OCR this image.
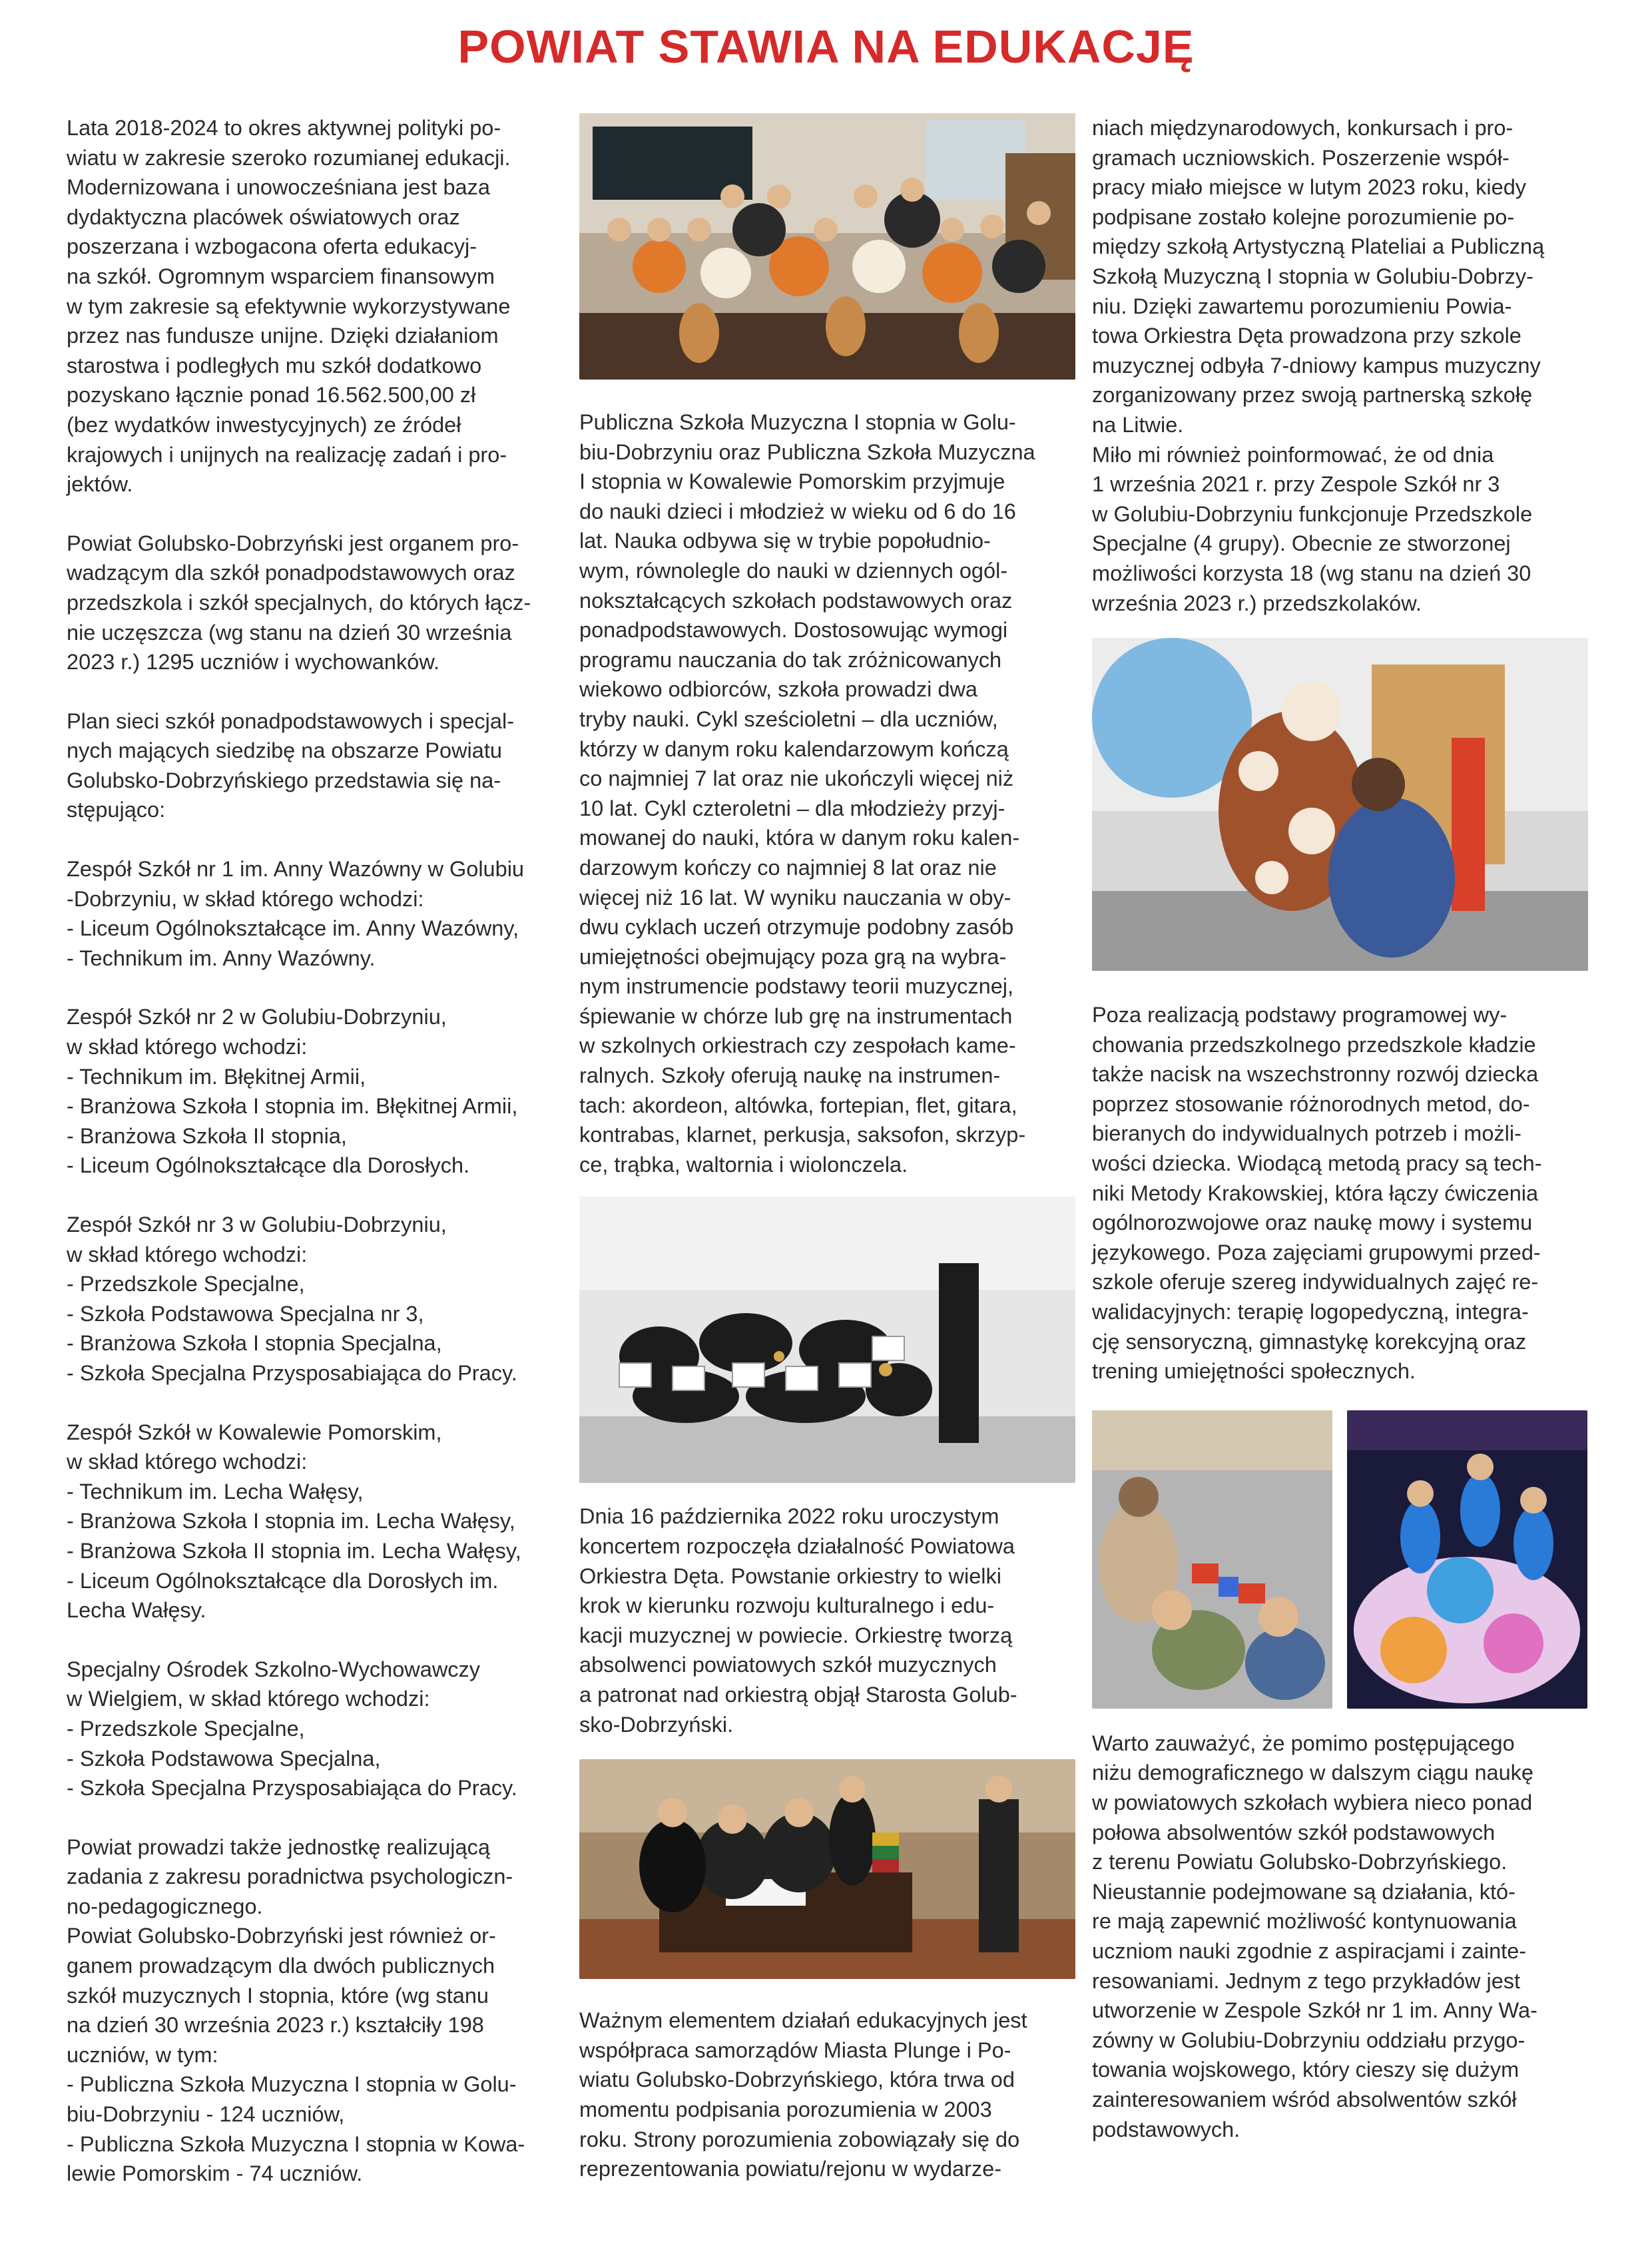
POWIAT STAWIA NA EDUKACJĘ

Lata 2018-2024 to okres aktywnej polityki po-
wiatu w zakresie szeroko rozumianej edukacji.
Modernizowana i unowocześniana jest baza
dydaktyczna placówek oświatowych oraz
poszerzana i wzbogacona oferta edukacyj-
na szkół. Ogromnym wsparciem finansowym
w tym zakresie są efektywnie wykorzystywane
przez nas fundusze unijne. Dzięki działaniom
starostwa i podległych mu szkół dodatkowo
pozyskano łącznie ponad 16.562.500,00 zł
(bez wydatków inwestycyjnych) ze źródeł
krajowych i unijnych na realizację zadań i pro-
jektów.

Powiat Golubsko-Dobrzyński jest organem pro-
wadzącym dla szkół ponadpodstawowych oraz
przedszkola i szkół specjalnych, do których łącz-
nie uczęszcza (wg stanu na dzień 30 września
2023 r.) 1295 uczniów i wychowanków.

Plan sieci szkół ponadpodstawowych i specjal-
nych mających siedzibę na obszarze Powiatu
Golubsko-Dobrzyńskiego przedstawia się na-
stępująco:

Zespół Szkół nr 1 im. Anny Wazówny w Golubiu
-Dobrzyniu, w skład którego wchodzi:
- Liceum Ogólnokształcące im. Anny Wazówny,
- Technikum im. Anny Wazówny.

Zespół Szkół nr 2 w Golubiu-Dobrzyniu,
w skład którego wchodzi:
- Technikum im. Błękitnej Armii,
- Branżowa Szkoła I stopnia im. Błękitnej Armii,
- Branżowa Szkoła II stopnia,
- Liceum Ogólnokształcące dla Dorosłych.

Zespół Szkół nr 3 w Golubiu-Dobrzyniu,
w skład którego wchodzi:
- Przedszkole Specjalne,
- Szkoła Podstawowa Specjalna nr 3,
- Branżowa Szkoła I stopnia Specjalna,
- Szkoła Specjalna Przysposabiająca do Pracy.

Zespół Szkół w Kowalewie Pomorskim,
w skład którego wchodzi:
- Technikum im. Lecha Wałęsy,
- Branżowa Szkoła I stopnia im. Lecha Wałęsy,
- Branżowa Szkoła II stopnia im. Lecha Wałęsy,
- Liceum Ogólnokształcące dla Dorosłych im.
Lecha Wałęsy.

Specjalny Ośrodek Szkolno-Wychowawczy
w Wielgiem, w skład którego wchodzi:
- Przedszkole Specjalne,
- Szkoła Podstawowa Specjalna,
- Szkoła Specjalna Przysposabiająca do Pracy.

Powiat prowadzi także jednostkę realizującą
zadania z zakresu poradnictwa psychologiczn-
no-pedagogicznego.
Powiat Golubsko-Dobrzyński jest również or-
ganem prowadzącym dla dwóch publicznych
szkół muzycznych I stopnia, które (wg stanu
na dzień 30 września 2023 r.) kształciły 198
uczniów, w tym:
- Publiczna Szkoła Muzyczna I stopnia w Golu-
biu-Dobrzyniu - 124 uczniów,
- Publiczna Szkoła Muzyczna I stopnia w Kowa-
lewie Pomorskim - 74 uczniów.

Publiczna Szkoła Muzyczna I stopnia w Golu-
biu-Dobrzyniu oraz Publiczna Szkoła Muzyczna
I stopnia w Kowalewie Pomorskim przyjmuje
do nauki dzieci i młodzież w wieku od 6 do 16
lat. Nauka odbywa się w trybie popołudnio-
wym, równolegle do nauki w dziennych ogól-
nokształcących szkołach podstawowych oraz
ponadpodstawowych. Dostosowując wymogi
programu nauczania do tak zróżnicowanych
wiekowo odbiorców, szkoła prowadzi dwa
tryby nauki. Cykl sześcioletni – dla uczniów,
którzy w danym roku kalendarzowym kończą
co najmniej 7 lat oraz nie ukończyli więcej niż
10 lat. Cykl czteroletni – dla młodzieży przyj-
mowanej do nauki, która w danym roku kalen-
darzowym kończy co najmniej 8 lat oraz nie
więcej niż 16 lat. W wyniku nauczania w oby-
dwu cyklach uczeń otrzymuje podobny zasób
umiejętności obejmujący poza grą na wybra-
nym instrumencie podstawy teorii muzycznej,
śpiewanie w chórze lub grę na instrumentach
w szkolnych orkiestrach czy zespołach kame-
ralnych. Szkoły oferują naukę na instrumen-
tach: akordeon, altówka, fortepian, flet, gitara,
kontrabas, klarnet, perkusja, saksofon, skrzyp-
ce, trąbka, waltornia i wiolonczela.

Dnia 16 października 2022 roku uroczystym
koncertem rozpoczęła działalność Powiatowa
Orkiestra Dęta. Powstanie orkiestry to wielki
krok w kierunku rozwoju kulturalnego i edu-
kacji muzycznej w powiecie. Orkiestrę tworzą
absolwenci powiatowych szkół muzycznych
a patronat nad orkiestrą objął Starosta Golub-
sko-Dobrzyński.

Ważnym elementem działań edukacyjnych jest
współpraca samorządów Miasta Plunge i Po-
wiatu Golubsko-Dobrzyńskiego, która trwa od
momentu podpisania porozumienia w 2003
roku. Strony porozumienia zobowiązały się do
reprezentowania powiatu/rejonu w wydarze-

niach międzynarodowych, konkursach i pro-
gramach uczniowskich. Poszerzenie współ-
pracy miało miejsce w lutym 2023 roku, kiedy
podpisane zostało kolejne porozumienie po-
między szkołą Artystyczną Plateliai a Publiczną
Szkołą Muzyczną I stopnia w Golubiu-Dobrzy-
niu. Dzięki zawartemu porozumieniu Powia-
towa Orkiestra Dęta prowadzona przy szkole
muzycznej odbyła 7-dniowy kampus muzyczny
zorganizowany przez swoją partnerską szkołę
na Litwie.
Miło mi również poinformować, że od dnia
1 września 2021 r. przy Zespole Szkół nr 3
w Golubiu-Dobrzyniu funkcjonuje Przedszkole
Specjalne (4 grupy). Obecnie ze stworzonej
możliwości korzysta 18 (wg stanu na dzień 30
września 2023 r.) przedszkolaków.

Poza realizacją podstawy programowej wy-
chowania przedszkolnego przedszkole kładzie
także nacisk na wszechstronny rozwój dziecka
poprzez stosowanie różnorodnych metod, do-
bieranych do indywidualnych potrzeb i możli-
wości dziecka. Wiodącą metodą pracy są tech-
niki Metody Krakowskiej, która łączy ćwiczenia
ogólnorozwojowe oraz naukę mowy i systemu
językowego. Poza zajęciami grupowymi przed-
szkole oferuje szereg indywidualnych zajęć re-
walidacyjnych: terapię logopedyczną, integra-
cję sensoryczną, gimnastykę korekcyjną oraz
trening umiejętności społecznych.

Warto zauważyć, że pomimo postępującego
niżu demograficznego w dalszym ciągu naukę
w powiatowych szkołach wybiera nieco ponad
połowa absolwentów szkół podstawowych
z terenu Powiatu Golubsko-Dobrzyńskiego.
Nieustannie podejmowane są działania, któ-
re mają zapewnić możliwość kontynuowania
uczniom nauki zgodnie z aspiracjami i zainte-
resowaniami. Jednym z tego przykładów jest
utworzenie w Zespole Szkół nr 1 im. Anny Wa-
zówny w Golubiu-Dobrzyniu oddziału przygo-
towania wojskowego, który cieszy się dużym
zainteresowaniem wśród absolwentów szkół
podstawowych.
